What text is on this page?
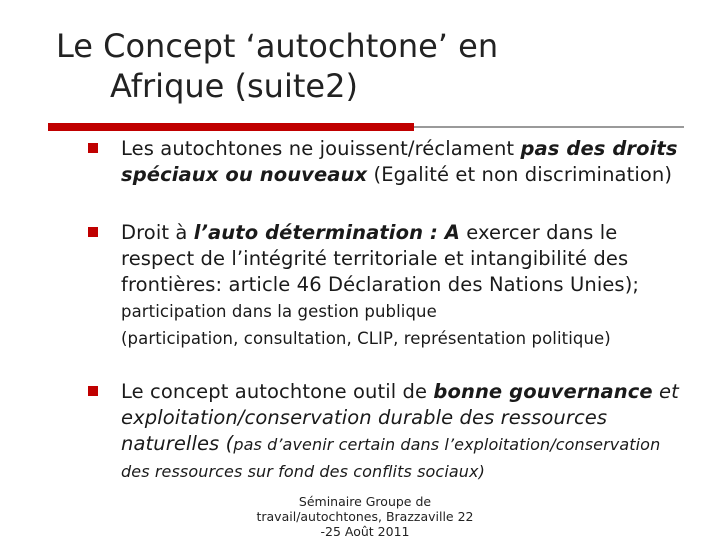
Le Concept ‘autochtone’ en
Afrique (suite2)
Les autochtones ne jouissent/réclament pas des droits spéciaux ou nouveaux (Egalité et non discrimination)
Droit à l’auto détermination : A exercer dans le respect de l’intégrité territoriale et intangibilité des frontières: article 46 Déclaration des Nations Unies); participation dans la gestion publique
(participation, consultation, CLIP, représentation politique)
Le concept autochtone outil de bonne gouvernance et exploitation/conservation durable des ressources naturelles (pas d’avenir certain dans l’exploitation/conservation des ressources sur fond des conflits sociaux)
Séminaire Groupe de
travail/autochtones, Brazzaville 22
-25 Août 2011
